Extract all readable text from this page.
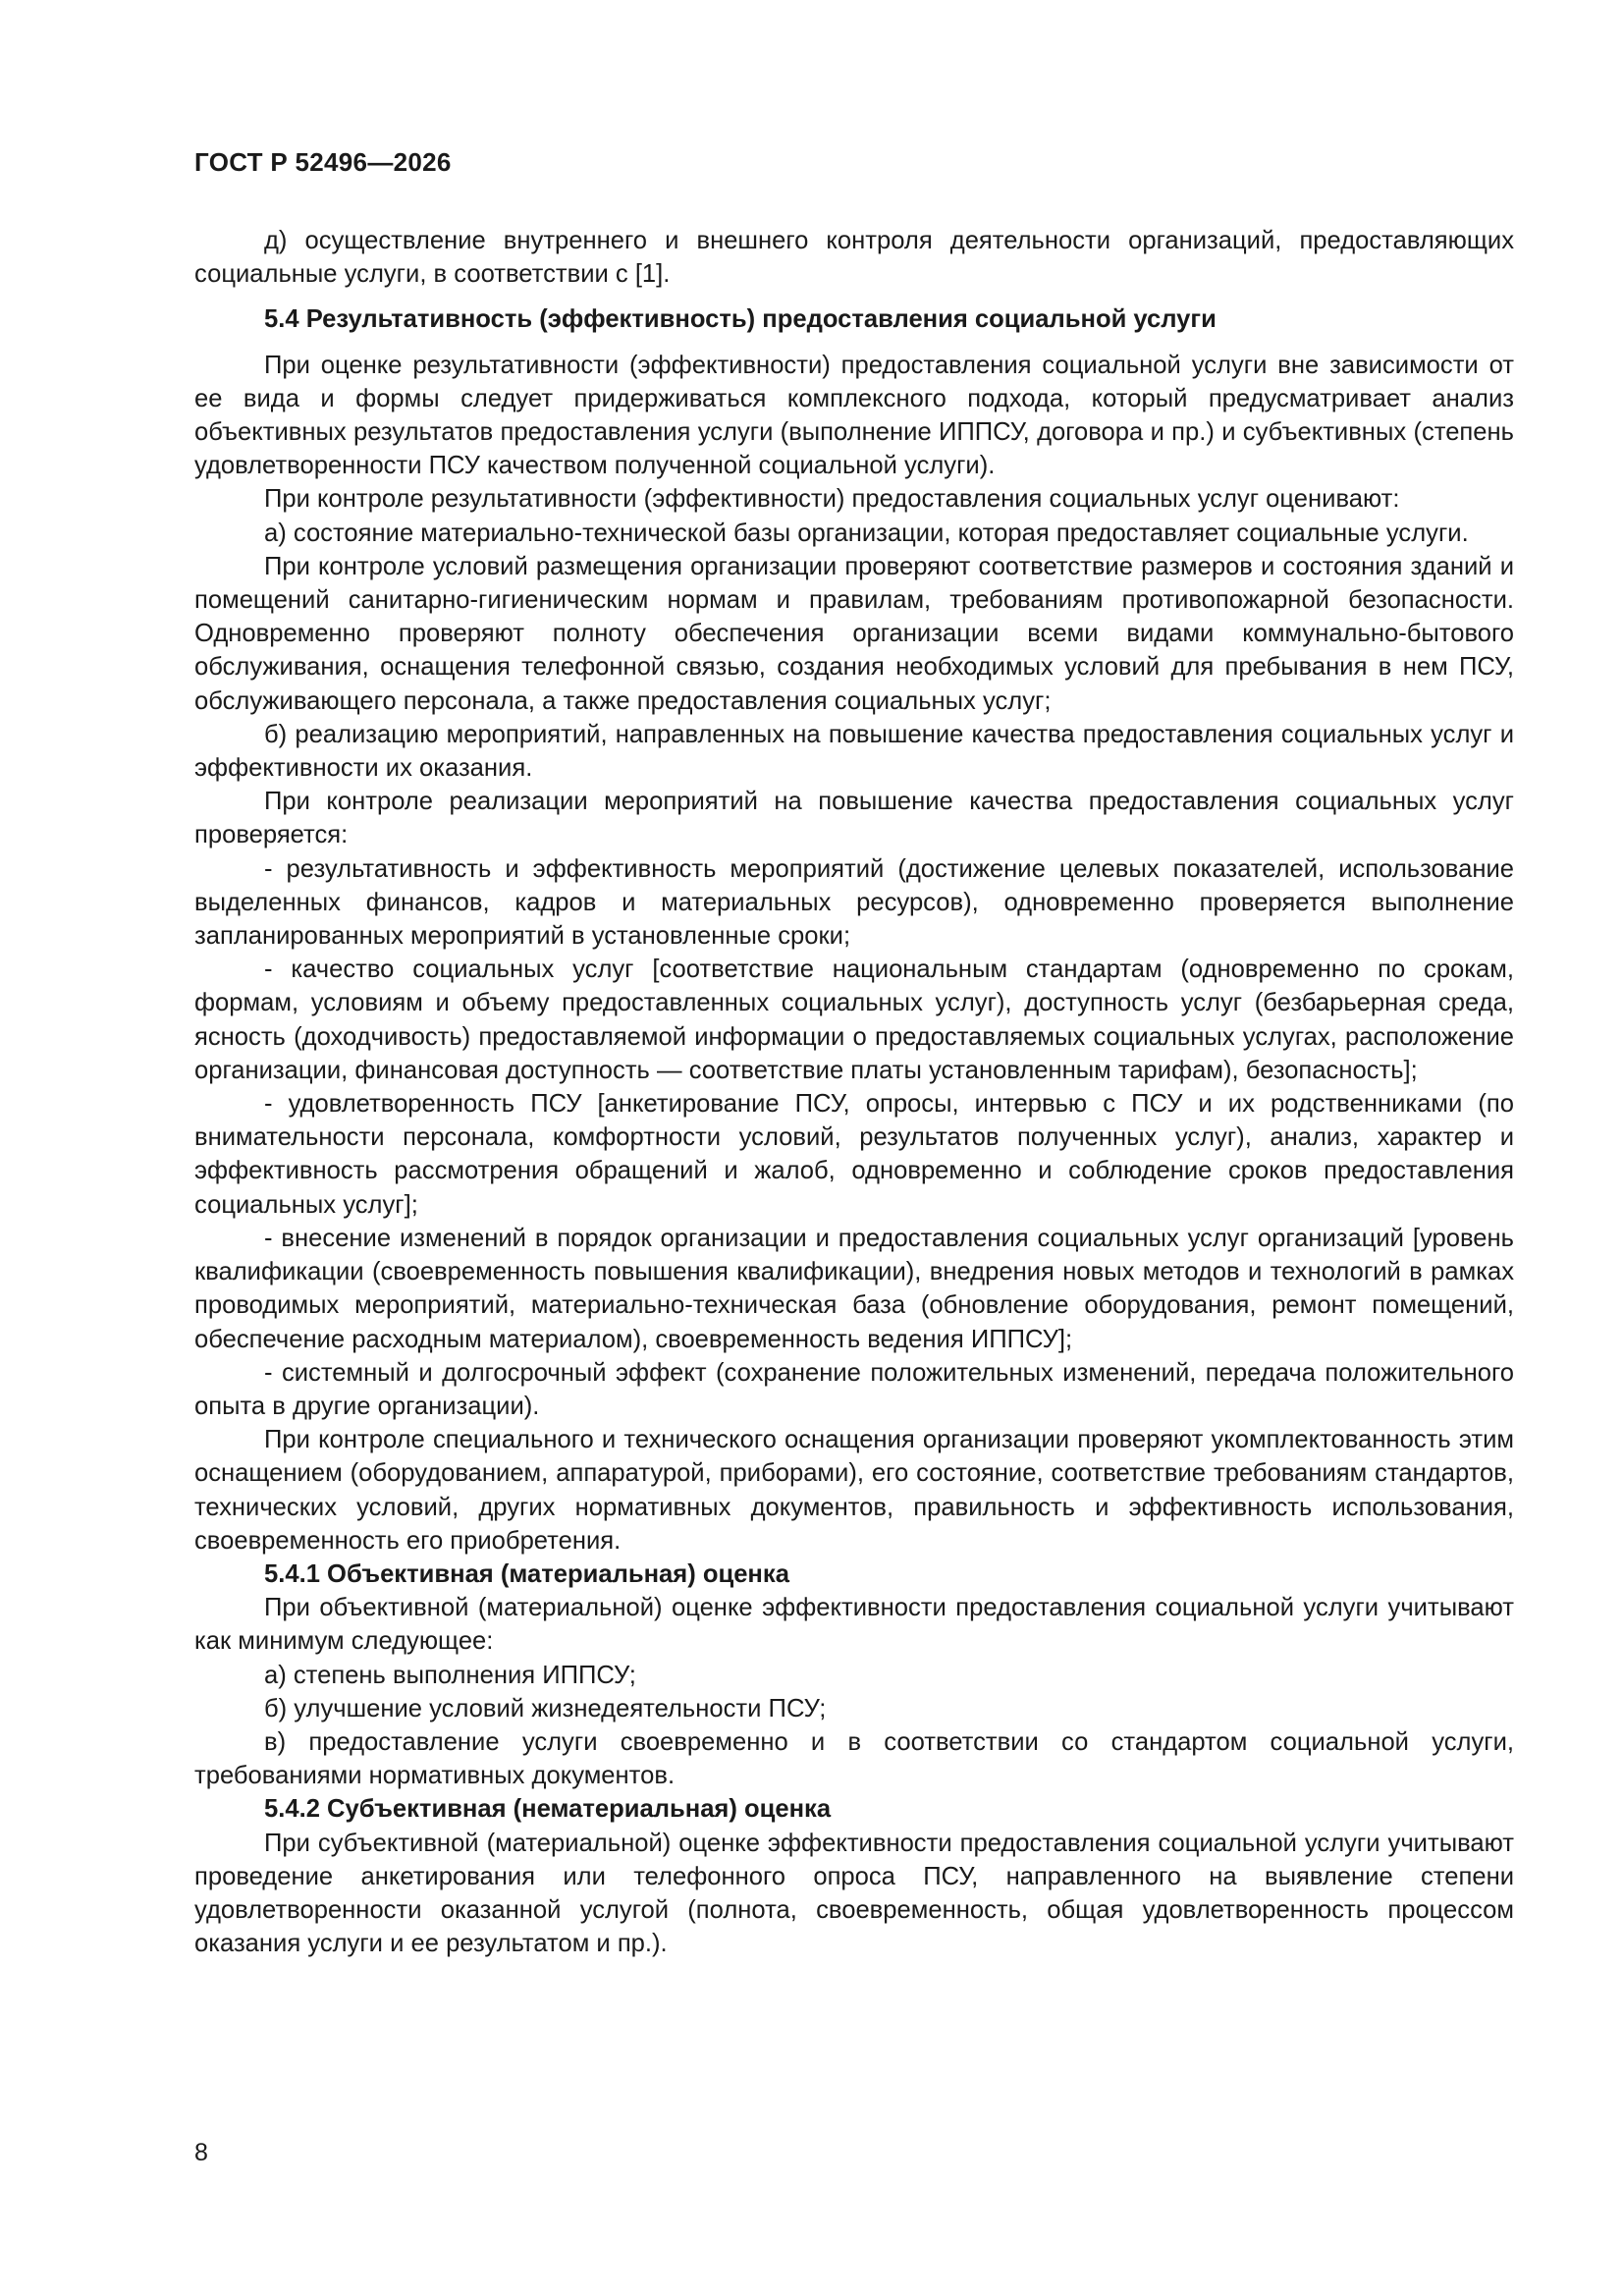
ГОСТ Р 52496—2026

д) осуществление внутреннего и внешнего контроля деятельности организаций, предоставляющих социальные услуги, в соответствии с [1].

5.4 Результативность (эффективность) предоставления социальной услуги

При оценке результативности (эффективности) предоставления социальной услуги вне зависимости от ее вида и формы следует придерживаться комплексного подхода, который предусматривает анализ объективных результатов предоставления услуги (выполнение ИППСУ, договора и пр.) и субъективных (степень удовлетворенности ПСУ качеством полученной социальной услуги).

При контроле результативности (эффективности) предоставления социальных услуг оценивают:

а) состояние материально-технической базы организации, которая предоставляет социальные услуги.

При контроле условий размещения организации проверяют соответствие размеров и состояния зданий и помещений санитарно-гигиеническим нормам и правилам, требованиям противопожарной безопасности. Одновременно проверяют полноту обеспечения организации всеми видами коммунально-бытового обслуживания, оснащения телефонной связью, создания необходимых условий для пребывания в нем ПСУ, обслуживающего персонала, а также предоставления социальных услуг;

б) реализацию мероприятий, направленных на повышение качества предоставления социальных услуг и эффективности их оказания.

При контроле реализации мероприятий на повышение качества предоставления социальных услуг проверяется:

- результативность и эффективность мероприятий (достижение целевых показателей, использование выделенных финансов, кадров и материальных ресурсов), одновременно проверяется выполнение запланированных мероприятий в установленные сроки;

- качество социальных услуг [соответствие национальным стандартам (одновременно по срокам, формам, условиям и объему предоставленных социальных услуг), доступность услуг (безбарьерная среда, ясность (доходчивость) предоставляемой информации о предоставляемых социальных услугах, расположение организации, финансовая доступность — соответствие платы установленным тарифам), безопасность];

- удовлетворенность ПСУ [анкетирование ПСУ, опросы, интервью с ПСУ и их родственниками (по внимательности персонала, комфортности условий, результатов полученных услуг), анализ, характер и эффективность рассмотрения обращений и жалоб, одновременно и соблюдение сроков предоставления социальных услуг];

- внесение изменений в порядок организации и предоставления социальных услуг организаций [уровень квалификации (своевременность повышения квалификации), внедрения новых методов и технологий в рамках проводимых мероприятий, материально-техническая база (обновление оборудования, ремонт помещений, обеспечение расходным материалом), своевременность ведения ИППСУ];

- системный и долгосрочный эффект (сохранение положительных изменений, передача положительного опыта в другие организации).

При контроле специального и технического оснащения организации проверяют укомплектованность этим оснащением (оборудованием, аппаратурой, приборами), его состояние, соответствие требованиям стандартов, технических условий, других нормативных документов, правильность и эффективность использования, своевременность его приобретения.

5.4.1 Объективная (материальная) оценка

При объективной (материальной) оценке эффективности предоставления социальной услуги учитывают как минимум следующее:

а) степень выполнения ИППСУ;

б) улучшение условий жизнедеятельности ПСУ;

в) предоставление услуги своевременно и в соответствии со стандартом социальной услуги, требованиями нормативных документов.

5.4.2 Субъективная (нематериальная) оценка

При субъективной (материальной) оценке эффективности предоставления социальной услуги учитывают проведение анкетирования или телефонного опроса ПСУ, направленного на выявление степени удовлетворенности оказанной услугой (полнота, своевременность, общая удовлетворенность процессом оказания услуги и ее результатом и пр.).

8
